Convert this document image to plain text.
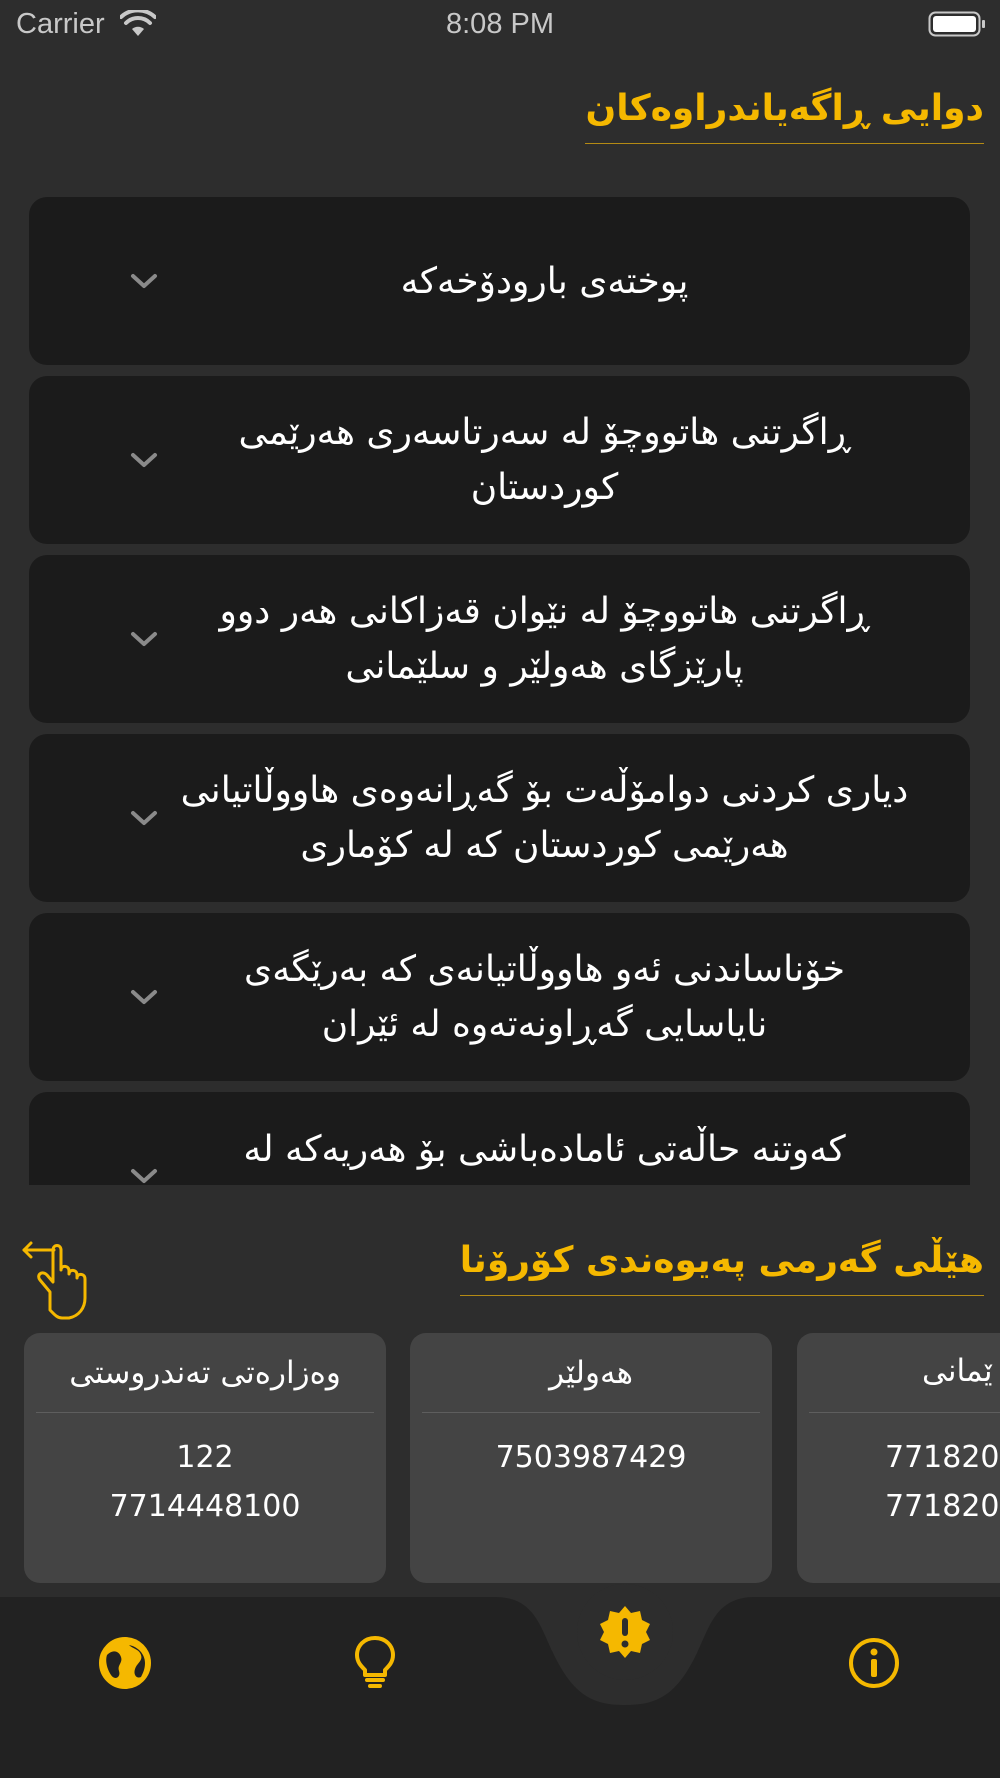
Carrier	8:08 PM
دوایی ڕاگەیاندراوەکان
پوختەی بارودۆخەکە
ڕاگرتنی هاتووچۆ لە سەرتاسەری هەرێمی کوردستان
ڕاگرتنی هاتووچۆ لە نێوان قەزاکانی هەر دوو پارێزگای هەولێر و سلێمانی
دیاری کردنی دوامۆڵەت بۆ گەڕانەوەی هاووڵاتیانی هەرێمی کوردستان کە لە کۆماری
خۆناساندنی ئەو هاووڵاتیانەی کە بەرێگەی نایاسایی گەڕاونەتەوە لە ئێران
کەوتنە حاڵەتی ئامادەباشی بۆ هەریەکە لە
هێڵی گەرمی پەیوەندی کۆرۆنا
وەزارەتی تەندروستی
122
7714448100
هەولێر
7503987429
ێمانی
771820
771820
